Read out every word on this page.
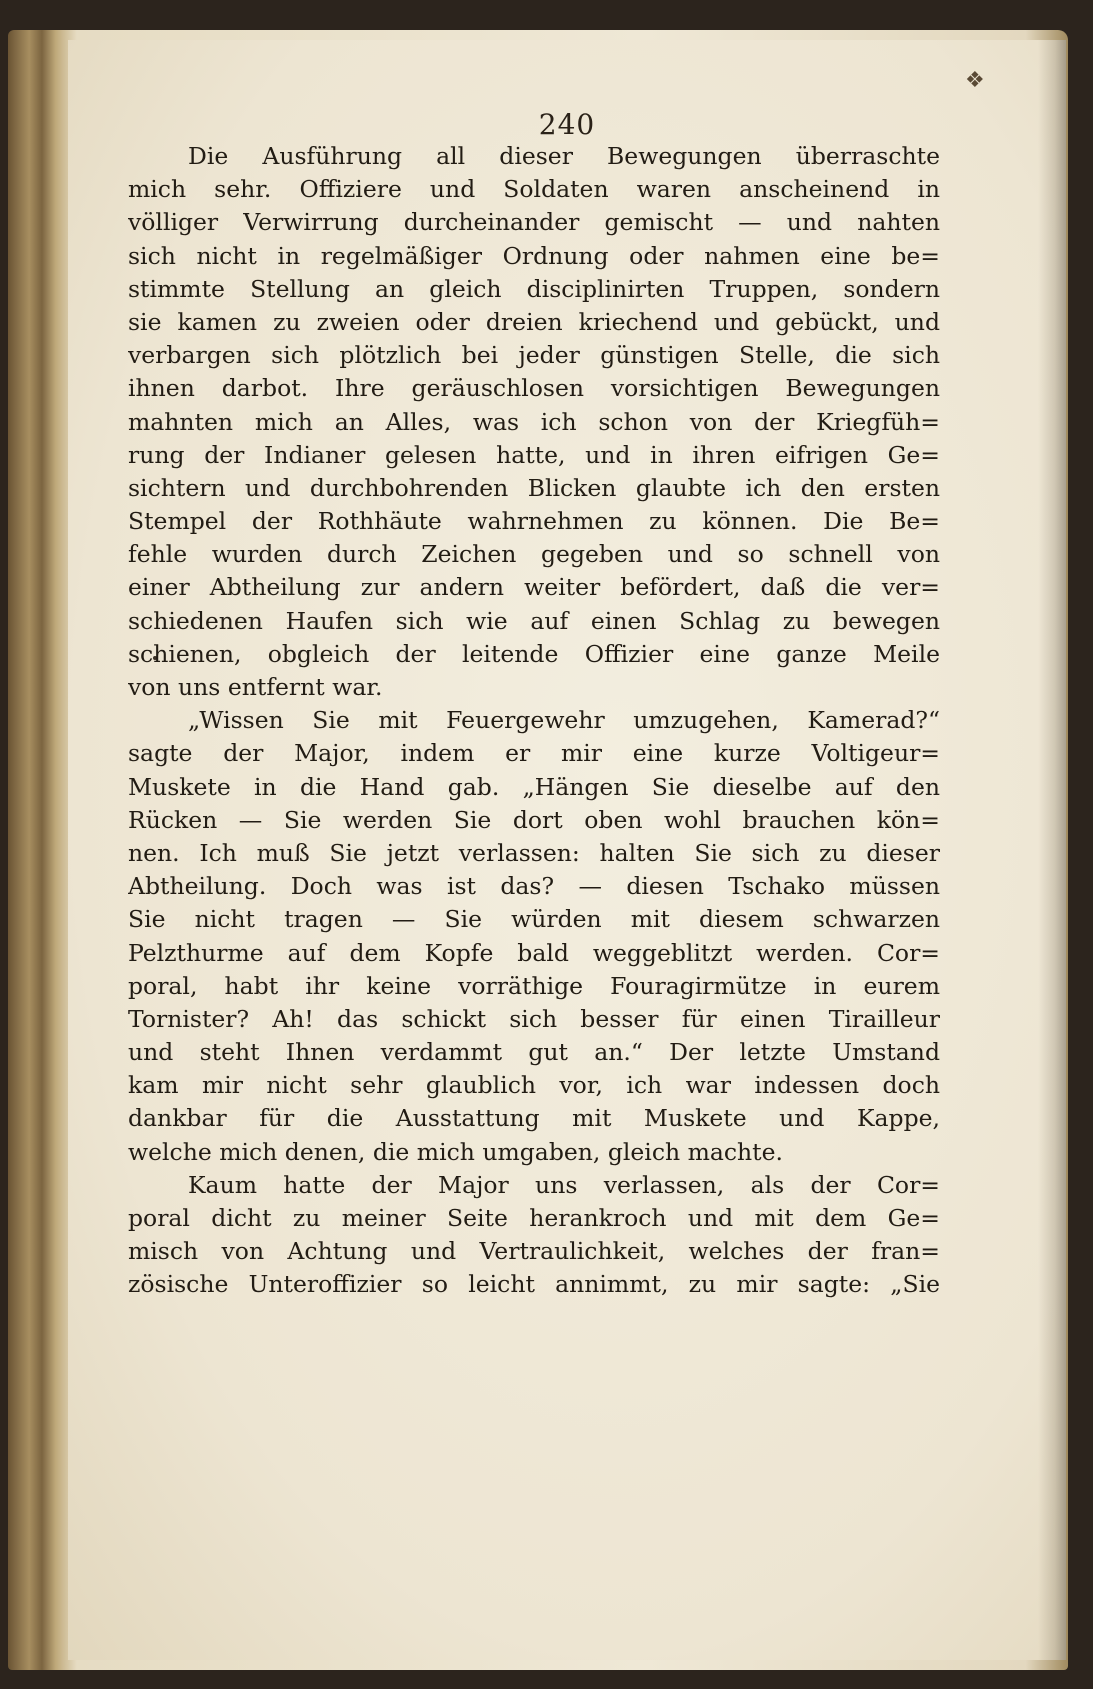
❖
240
Die Ausführung all dieser Bewegungen überraschte
mich sehr. Offiziere und Soldaten waren anscheinend in
völliger Verwirrung durcheinander gemischt — und nahten
sich nicht in regelmäßiger Ordnung oder nahmen eine be=
stimmte Stellung an gleich disciplinirten Truppen, sondern
sie kamen zu zweien oder dreien kriechend und gebückt, und
verbargen sich plötzlich bei jeder günstigen Stelle, die sich
ihnen darbot. Ihre geräuschlosen vorsichtigen Bewegungen
mahnten mich an Alles, was ich schon von der Kriegfüh=
rung der Indianer gelesen hatte, und in ihren eifrigen Ge=
sichtern und durchbohrenden Blicken glaubte ich den ersten
Stempel der Rothhäute wahrnehmen zu können. Die Be=
fehle wurden durch Zeichen gegeben und so schnell von
einer Abtheilung zur andern weiter befördert, daß die ver=
schiedenen Haufen sich wie auf einen Schlag zu bewegen
schienen, obgleich der leitende Offizier eine ganze Meile
von uns entfernt war.
„Wissen Sie mit Feuergewehr umzugehen, Kamerad?“
sagte der Major, indem er mir eine kurze Voltigeur=
Muskete in die Hand gab. „Hängen Sie dieselbe auf den
Rücken — Sie werden Sie dort oben wohl brauchen kön=
nen. Ich muß Sie jetzt verlassen: halten Sie sich zu dieser
Abtheilung. Doch was ist das? — diesen Tschako müssen
Sie nicht tragen — Sie würden mit diesem schwarzen
Pelzthurme auf dem Kopfe bald weggeblitzt werden. Cor=
poral, habt ihr keine vorräthige Fouragirmütze in eurem
Tornister? Ah! das schickt sich besser für einen Tirailleur
und steht Ihnen verdammt gut an.“ Der letzte Umstand
kam mir nicht sehr glaublich vor, ich war indessen doch
dankbar für die Ausstattung mit Muskete und Kappe,
welche mich denen, die mich umgaben, gleich machte.
Kaum hatte der Major uns verlassen, als der Cor=
poral dicht zu meiner Seite herankroch und mit dem Ge=
misch von Achtung und Vertraulichkeit, welches der fran=
zösische Unteroffizier so leicht annimmt, zu mir sagte: „Sie
